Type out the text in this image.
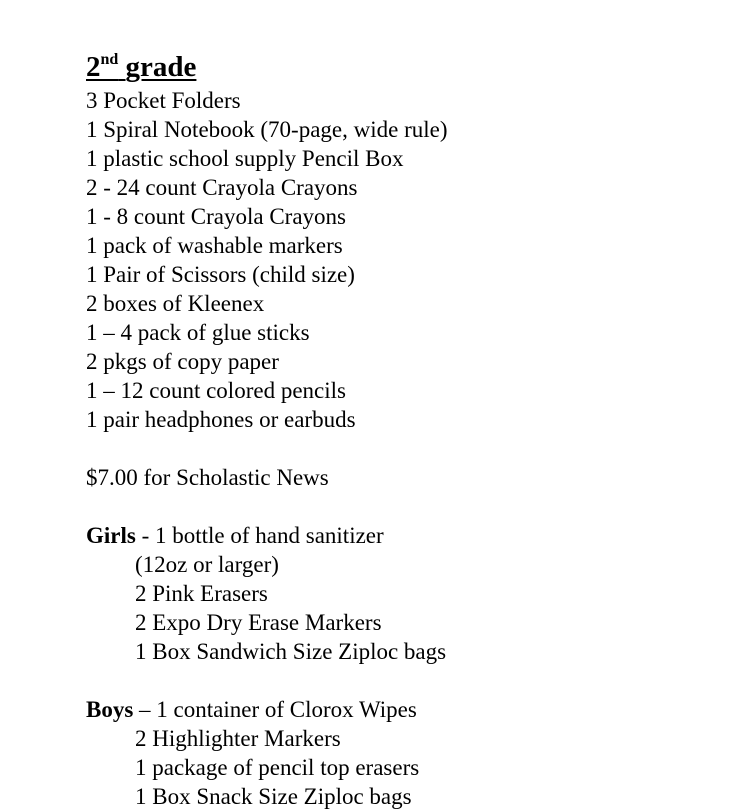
2nd grade
3 Pocket Folders
1 Spiral Notebook (70-page, wide rule)
1 plastic school supply Pencil Box
2 - 24 count Crayola Crayons
1 - 8 count Crayola Crayons
1 pack of washable markers
1 Pair of Scissors (child size)
2 boxes of Kleenex
1 – 4 pack of glue sticks
2 pkgs of copy paper
1 – 12 count colored pencils
1 pair headphones or earbuds
$7.00 for Scholastic News
Girls - 1 bottle of hand sanitizer
(12oz or larger)
2 Pink Erasers
2 Expo Dry Erase Markers
1 Box Sandwich Size Ziploc bags
Boys – 1 container of Clorox Wipes
2 Highlighter Markers
1 package of pencil top erasers
1 Box Snack Size Ziploc bags
